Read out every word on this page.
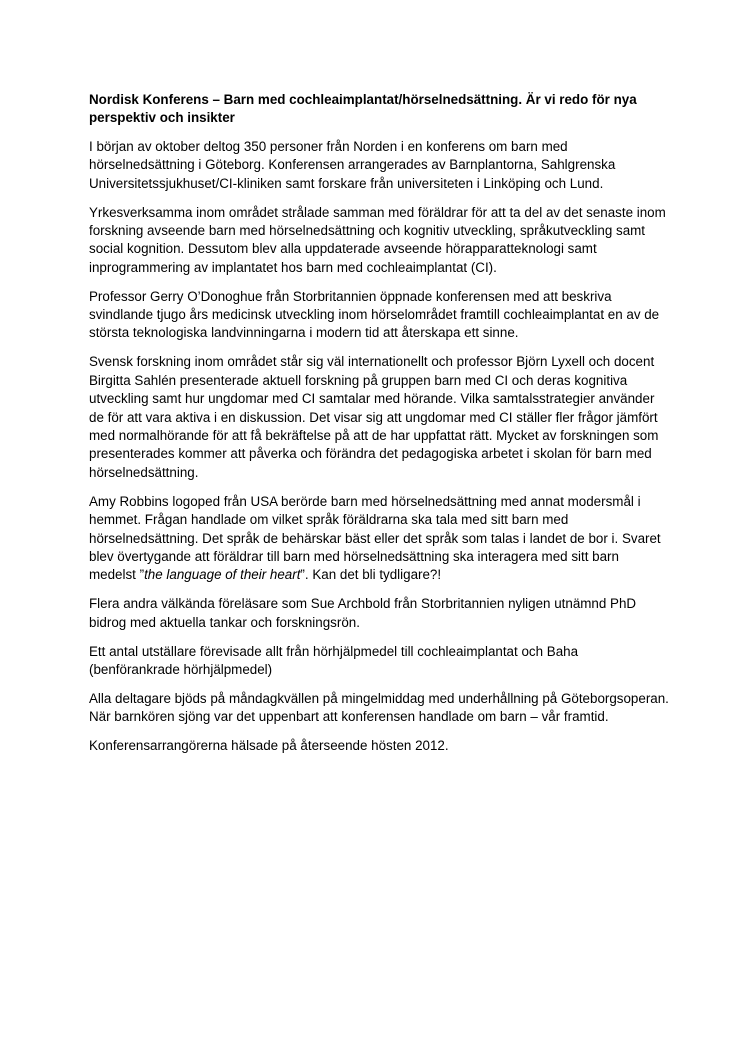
Nordisk Konferens – Barn med cochleaimplantat/hörselnedsättning. Är vi redo för nya perspektiv och insikter

I början av oktober deltog 350 personer från Norden i en konferens om barn med hörselnedsättning i Göteborg. Konferensen arrangerades av Barnplantorna, Sahlgrenska Universitetssjukhuset/CI-kliniken samt forskare från universiteten i Linköping och Lund.

Yrkesverksamma inom området strålade samman med föräldrar för att ta del av det senaste inom forskning avseende barn med hörselnedsättning och kognitiv utveckling, språkutveckling samt social kognition. Dessutom blev alla uppdaterade avseende hörapparatteknologi samt inprogrammering av implantatet hos barn med cochleaimplantat (CI).

Professor Gerry O’Donoghue från Storbritannien öppnade konferensen med att beskriva svindlande tjugo års medicinsk utveckling inom hörselområdet framtill cochleaimplantat en av de största teknologiska landvinningarna i modern tid att återskapa ett sinne.

Svensk forskning inom området står sig väl internationellt och professor Björn Lyxell och docent Birgitta Sahlén presenterade aktuell forskning på gruppen barn med CI och deras kognitiva utveckling samt hur ungdomar med CI samtalar med hörande. Vilka samtalsstrategier använder de för att vara aktiva i en diskussion. Det visar sig att ungdomar med CI ställer fler frågor jämfört med normalhörande för att få bekräftelse på att de har uppfattat rätt. Mycket av forskningen som presenterades kommer att påverka och förändra det pedagogiska arbetet i skolan för barn med hörselnedsättning.

Amy Robbins logoped från USA berörde barn med hörselnedsättning med annat modersmål i hemmet. Frågan handlade om vilket språk föräldrarna ska tala med sitt barn med hörselnedsättning. Det språk de behärskar bäst eller det språk som talas i landet de bor i. Svaret blev övertygande att föräldrar till barn med hörselnedsättning ska interagera med sitt barn medelst ”the language of their heart”. Kan det bli tydligare?!

Flera andra välkända föreläsare som Sue Archbold från Storbritannien nyligen utnämnd PhD bidrog med aktuella tankar och forskningsrön.

Ett antal utställare förevisade allt från hörhjälpmedel till cochleaimplantat och Baha (benförankrade hörhjälpmedel)

Alla deltagare bjöds på måndagkvällen på mingelmiddag med underhållning på Göteborgsoperan. När barnkören sjöng var det uppenbart att konferensen handlade om barn – vår framtid.

Konferensarrangörerna hälsade på återseende hösten 2012.
